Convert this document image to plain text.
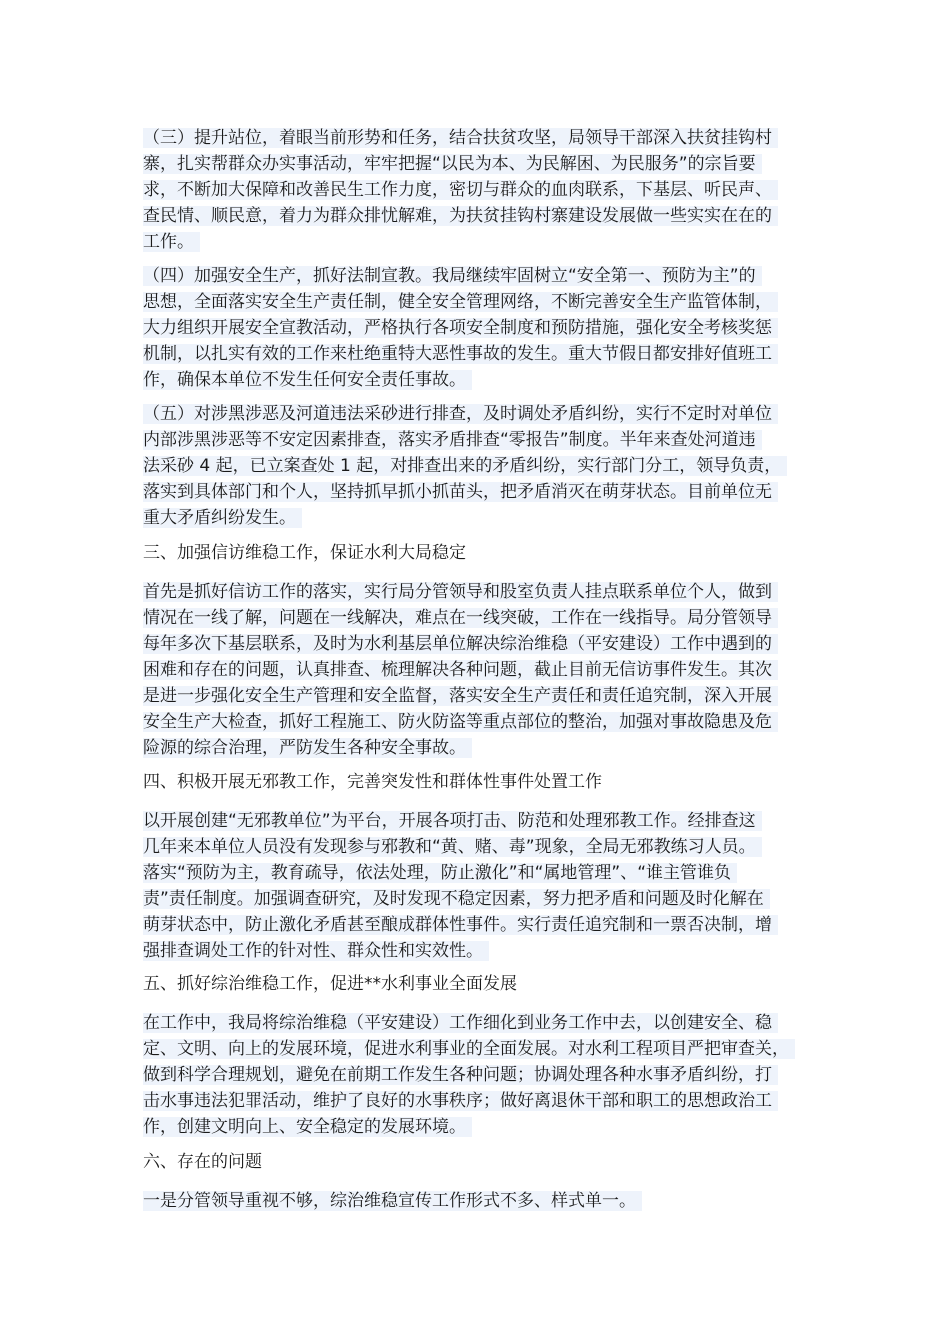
（三）提升站位，着眼当前形势和任务，结合扶贫攻坚，局领导干部深入扶贫挂钩村
寨，扎实帮群众办实事活动，牢牢把握“以民为本、为民解困、为民服务”的宗旨要
求，不断加大保障和改善民生工作力度，密切与群众的血肉联系，下基层、听民声、
查民情、顺民意，着力为群众排忧解难，为扶贫挂钩村寨建设发展做一些实实在在的
工作。
（四）加强安全生产，抓好法制宣教。我局继续牢固树立“安全第一、预防为主”的
思想，全面落实安全生产责任制，健全安全管理网络，不断完善安全生产监管体制，
大力组织开展安全宣教活动，严格执行各项安全制度和预防措施，强化安全考核奖惩
机制，以扎实有效的工作来杜绝重特大恶性事故的发生。重大节假日都安排好值班工
作，确保本单位不发生任何安全责任事故。
（五）对涉黑涉恶及河道违法采砂进行排查，及时调处矛盾纠纷，实行不定时对单位
内部涉黑涉恶等不安定因素排查，落实矛盾排查“零报告”制度。半年来查处河道违
法采砂 4 起，已立案查处 1 起，对排查出来的矛盾纠纷，实行部门分工，领导负责，
落实到具体部门和个人，坚持抓早抓小抓苗头，把矛盾消灭在萌芽状态。目前单位无
重大矛盾纠纷发生。
三、加强信访维稳工作，保证水利大局稳定
首先是抓好信访工作的落实，实行局分管领导和股室负责人挂点联系单位个人，做到
情况在一线了解，问题在一线解决，难点在一线突破，工作在一线指导。局分管领导
每年多次下基层联系，及时为水利基层单位解决综治维稳（平安建设）工作中遇到的
困难和存在的问题，认真排查、梳理解决各种问题，截止目前无信访事件发生。其次
是进一步强化安全生产管理和安全监督，落实安全生产责任和责任追究制，深入开展
安全生产大检查，抓好工程施工、防火防盗等重点部位的整治，加强对事故隐患及危
险源的综合治理，严防发生各种安全事故。
四、积极开展无邪教工作，完善突发性和群体性事件处置工作
以开展创建“无邪教单位”为平台，开展各项打击、防范和处理邪教工作。经排查这
几年来本单位人员没有发现参与邪教和“黄、赌、毒”现象，全局无邪教练习人员。
落实“预防为主，教育疏导，依法处理，防止激化”和“属地管理”、“谁主管谁负
责”责任制度。加强调查研究，及时发现不稳定因素，努力把矛盾和问题及时化解在
萌芽状态中，防止激化矛盾甚至酿成群体性事件。实行责任追究制和一票否决制，增
强排查调处工作的针对性、群众性和实效性。
五、抓好综治维稳工作，促进**水利事业全面发展
在工作中，我局将综治维稳（平安建设）工作细化到业务工作中去，以创建安全、稳
定、文明、向上的发展环境，促进水利事业的全面发展。对水利工程项目严把审查关，
做到科学合理规划，避免在前期工作发生各种问题；协调处理各种水事矛盾纠纷，打
击水事违法犯罪活动，维护了良好的水事秩序；做好离退休干部和职工的思想政治工
作，创建文明向上、安全稳定的发展环境。
六、存在的问题
一是分管领导重视不够，综治维稳宣传工作形式不多、样式单一。
